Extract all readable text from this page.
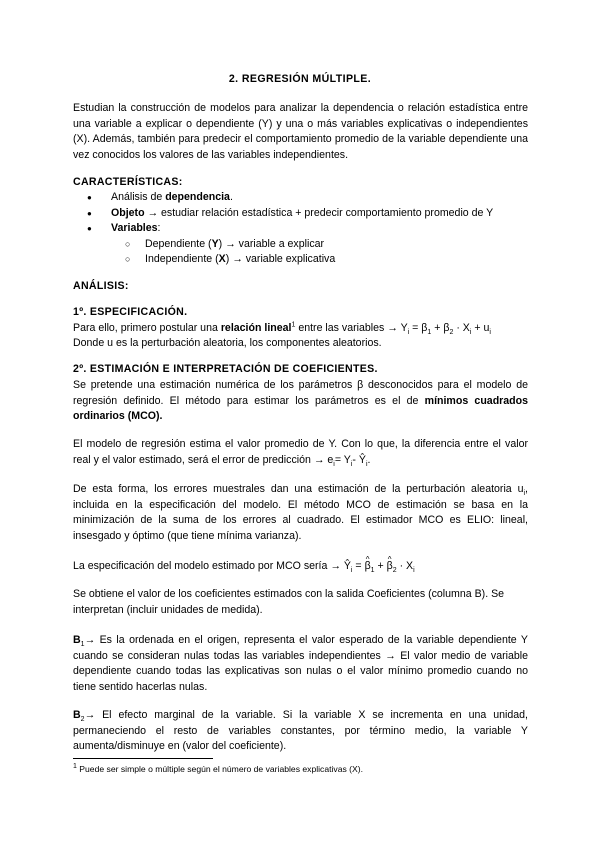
2. REGRESIÓN MÚLTIPLE.
Estudian la construcción de modelos para analizar la dependencia o relación estadística entre una variable a explicar o dependiente (Y) y una o más variables explicativas o independientes (X). Además, también para predecir el comportamiento promedio de la variable dependiente una vez conocidos los valores de las variables independientes.
CARACTERÍSTICAS:
● Análisis de dependencia.
● Objeto → estudiar relación estadística + predecir comportamiento promedio de Y
● Variables:
○ Dependiente (Y) → variable a explicar
○ Independiente (X) → variable explicativa
ANÁLISIS:
1º. ESPECIFICACIÓN.
Para ello, primero postular una relación lineal$^1$ entre las variables → $Y_i = \beta_1 + \beta_2 \cdot X_i + u_i$
Donde u es la perturbación aleatoria, los componentes aleatorios.
2º. ESTIMACIÓN E INTERPRETACIÓN DE COEFICIENTES.
Se pretende una estimación numérica de los parámetros β desconocidos para el modelo de regresión definido. El método para estimar los parámetros es el de mínimos cuadrados ordinarios (MCO).
El modelo de regresión estima el valor promedio de Y. Con lo que, la diferencia entre el valor real y el valor estimado, será el error de predicción → $e_i= Y_i-$ $Ŷ_i$.
De esta forma, los errores muestrales dan una estimación de la perturbación aleatoria $u_i$, incluida en la especificación del modelo. El método MCO de estimación se basa en la minimización de la suma de los errores al cuadrado. El estimador MCO es ELIO: lineal, insesgado y óptimo (que tiene mínima varianza).
La especificación del modelo estimado por MCO sería → $Ŷ_i$ = ^ $\beta_1$ + ^ $\beta_2 \cdot X_i$
Se obtiene el valor de los coeficientes estimados con la salida Coeficientes (columna B). Se interpretan (incluir unidades de medida).
$B_1\to Es$ la ordenada en el origen, representa el valor esperado de la variable dependiente Y cuando se consideran nulas todas las variables independientes → El valor medio de variable dependiente cuando todas las explicativas son nulas o el valor mínimo promedio cuando no tiene sentido hacerlas nulas.
$B_2\to El$ efecto marginal de la variable. Si la variable X se incrementa en una unidad, permaneciendo el resto de variables constantes, por término medio, la variable Y aumenta/disminuye en (valor del coeficiente).
$^1$ Puede ser simple o múltiple según el número de variables explicativas (X).
